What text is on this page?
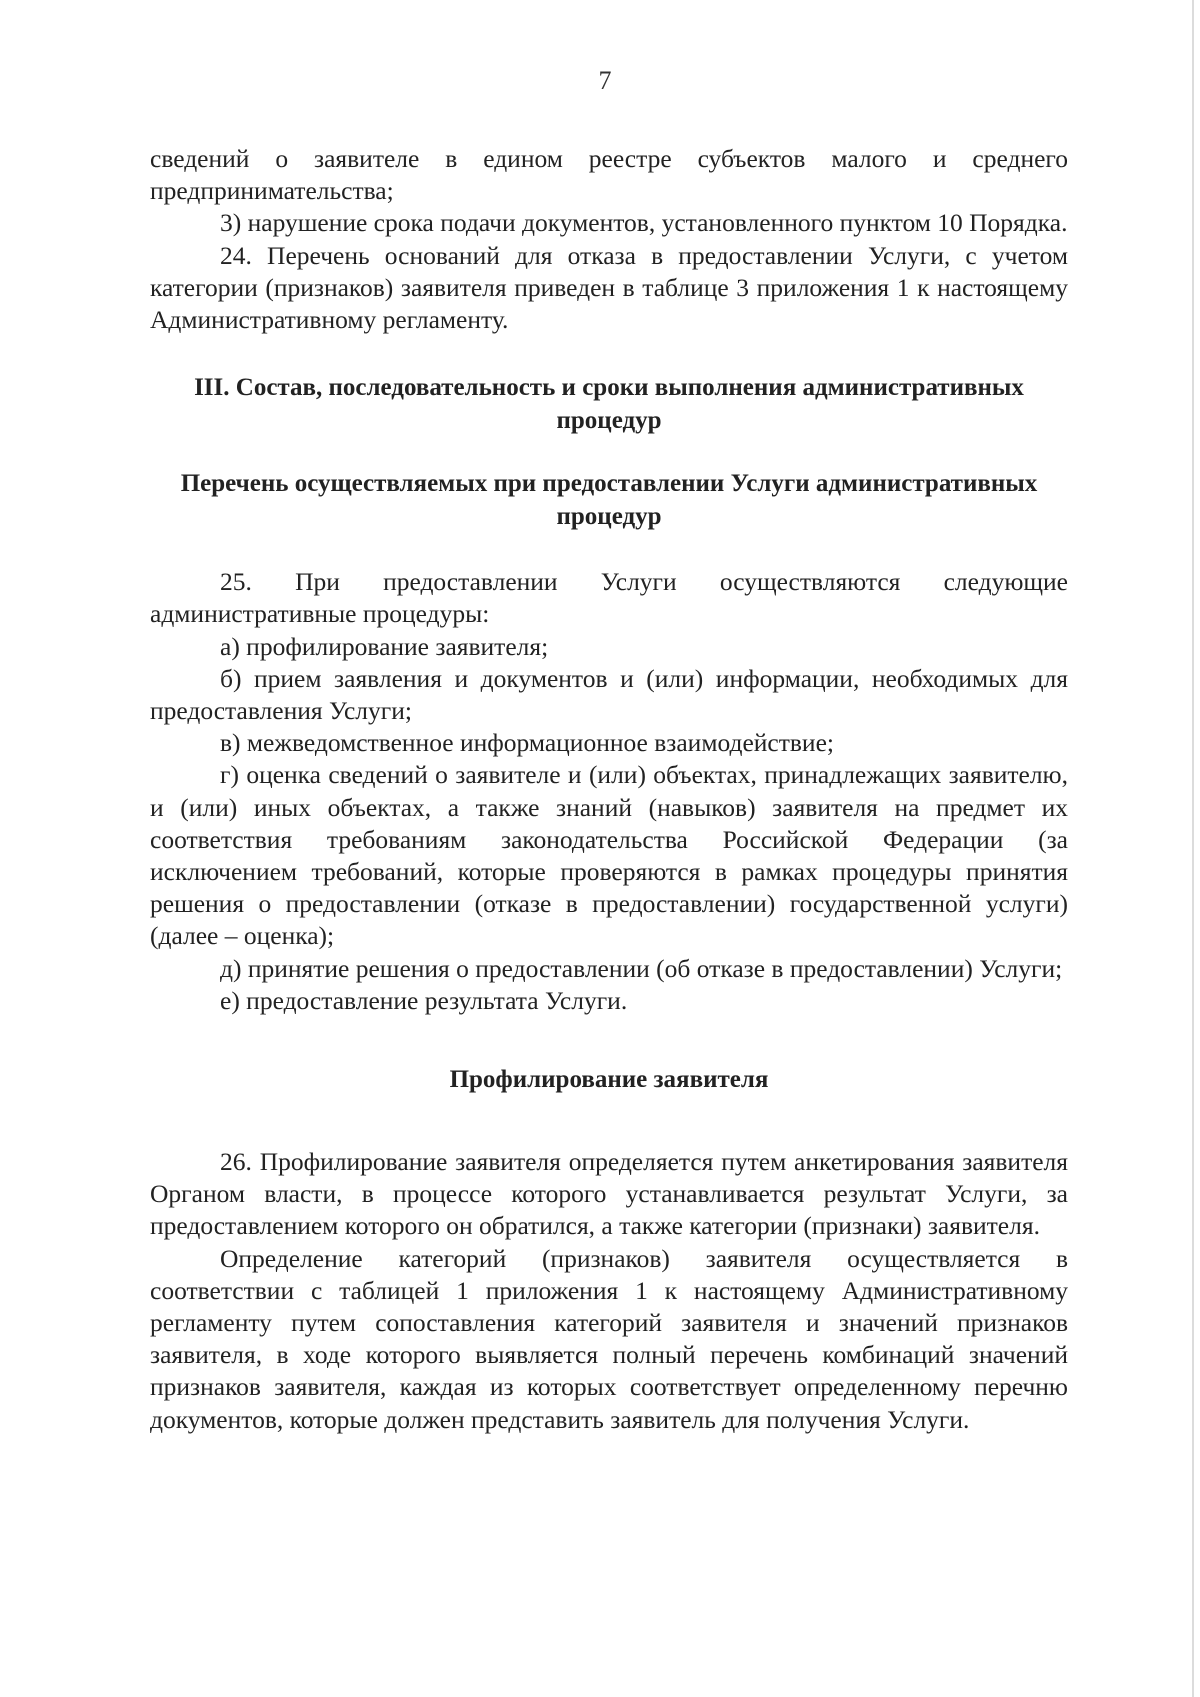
7

сведений о заявителе в едином реестре субъектов малого и среднего предпринимательства;

3) нарушение срока подачи документов, установленного пунктом 10 Порядка.

24. Перечень оснований для отказа в предоставлении Услуги, с учетом категории (признаков) заявителя приведен в таблице 3 приложения 1 к настоящему Административному регламенту.

III. Состав, последовательность и сроки выполнения административных процедур

Перечень осуществляемых при предоставлении Услуги административных процедур

25. При предоставлении Услуги осуществляются следующие административные процедуры:

а) профилирование заявителя;

б) прием заявления и документов и (или) информации, необходимых для предоставления Услуги;

в) межведомственное информационное взаимодействие;

г) оценка сведений о заявителе и (или) объектах, принадлежащих заявителю, и (или) иных объектах, а также знаний (навыков) заявителя на предмет их соответствия требованиям законодательства Российской Федерации (за исключением требований, которые проверяются в рамках процедуры принятия решения о предоставлении (отказе в предоставлении) государственной услуги) (далее – оценка);

д) принятие решения о предоставлении (об отказе в предоставлении) Услуги;

е) предоставление результата Услуги.

Профилирование заявителя

26. Профилирование заявителя определяется путем анкетирования заявителя Органом власти, в процессе которого устанавливается результат Услуги, за предоставлением которого он обратился, а также категории (признаки) заявителя.

Определение категорий (признаков) заявителя осуществляется в соответствии с таблицей 1 приложения 1 к настоящему Административному регламенту путем сопоставления категорий заявителя и значений признаков заявителя, в ходе которого выявляется полный перечень комбинаций значений признаков заявителя, каждая из которых соответствует определенному перечню документов, которые должен представить заявитель для получения Услуги.
